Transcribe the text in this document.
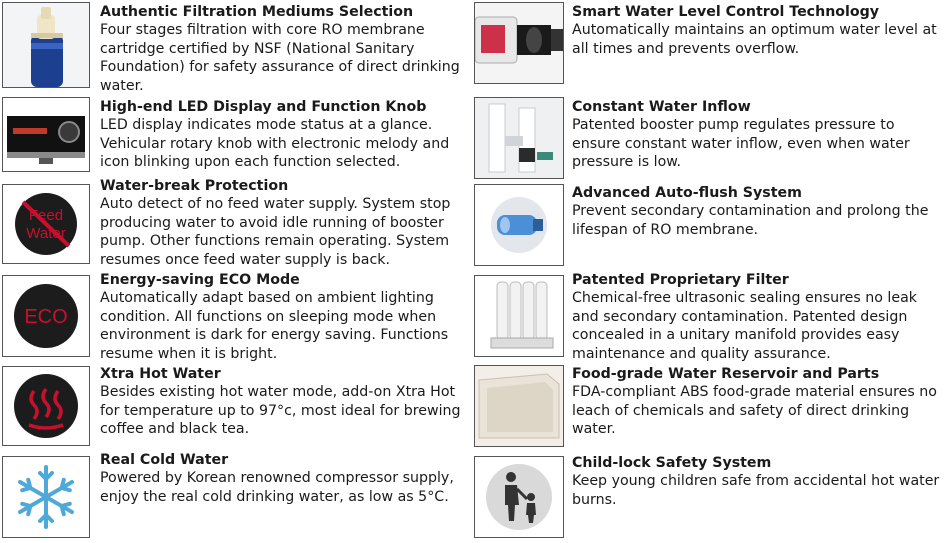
Authentic Filtration Mediums Selection
Four stages filtration with core RO membrane cartridge certified by NSF (National Sanitary Foundation) for safety assurance of direct drinking water.
High-end LED Display and Function Knob
LED display indicates mode status at a glance. Vehicular rotary knob with electronic melody and icon blinking upon each function selected.
Feed
Water
Water-break Protection
Auto detect of no feed water supply. System stop producing water to avoid idle running of booster pump. Other functions remain operating. System resumes once feed water supply is back.
ECO
Energy-saving ECO Mode
Automatically adapt based on ambient lighting condition. All functions on sleeping mode when environment is dark for energy saving. Functions resume when it is bright.
Xtra Hot Water
Besides existing hot water mode, add-on Xtra Hot for temperature up to 97°c, most ideal for brewing coffee and black tea.
Real Cold Water
Powered by Korean renowned compressor supply, enjoy the real cold drinking water, as low as 5°C.
Smart Water Level Control Technology
Automatically maintains an optimum water level at all times and prevents overflow.
Constant Water Inflow
Patented booster pump regulates pressure to ensure constant water inflow, even when water pressure is low.
Advanced Auto-flush System
Prevent secondary contamination and prolong the lifespan of RO membrane.
Patented Proprietary Filter
Chemical-free ultrasonic sealing ensures no leak and secondary contamination. Patented design concealed in a unitary manifold provides easy maintenance and quality assurance.
Food-grade Water Reservoir and Parts
FDA-compliant ABS food-grade material ensures no leach of chemicals and safety of direct drinking water.
Child-lock Safety System
Keep young children safe from accidental hot water burns.
